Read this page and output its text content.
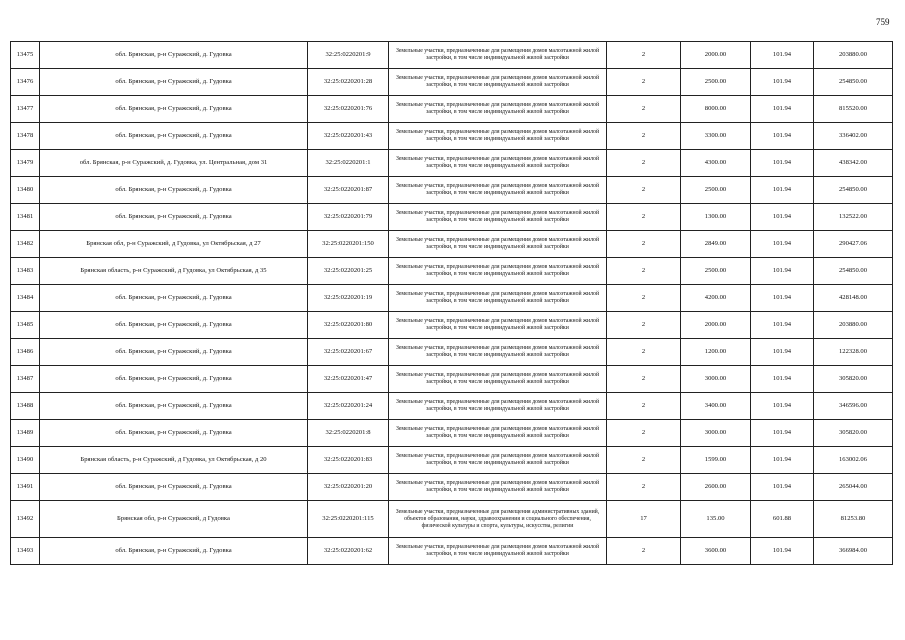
759
13475	обл. Брянская, р-н Суражский, д. Гудовка	32:25:0220201:9	Земельные участки, предназначенные для размещения домов малоэтажной жилой застройки, в том числе индивидуальной жилой застройки	2	2000.00	101.94	203880.00
13476	обл. Брянская, р-н Суражский, д. Гудовка	32:25:0220201:28	Земельные участки, предназначенные для размещения домов малоэтажной жилой застройки, в том числе индивидуальной жилой застройки	2	2500.00	101.94	254850.00
13477	обл. Брянская, р-н Суражский, д. Гудовка	32:25:0220201:76	Земельные участки, предназначенные для размещения домов малоэтажной жилой застройки, в том числе индивидуальной жилой застройки	2	8000.00	101.94	815520.00
13478	обл. Брянская, р-н Суражский, д. Гудовка	32:25:0220201:43	Земельные участки, предназначенные для размещения домов малоэтажной жилой застройки, в том числе индивидуальной жилой застройки	2	3300.00	101.94	336402.00
13479	обл. Брянская, р-н Суражский, д. Гудовка, ул. Центральная, дом 31	32:25:0220201:1	Земельные участки, предназначенные для размещения домов малоэтажной жилой застройки, в том числе индивидуальной жилой застройки	2	4300.00	101.94	438342.00
13480	обл. Брянская, р-н Суражский, д. Гудовка	32:25:0220201:87	Земельные участки, предназначенные для размещения домов малоэтажной жилой застройки, в том числе индивидуальной жилой застройки	2	2500.00	101.94	254850.00
13481	обл. Брянская, р-н Суражский, д. Гудовка	32:25:0220201:79	Земельные участки, предназначенные для размещения домов малоэтажной жилой застройки, в том числе индивидуальной жилой застройки	2	1300.00	101.94	132522.00
13482	Брянская обл, р-н Суражский, д Гудовка, ул Октябрьская, д 27	32:25:0220201:150	Земельные участки, предназначенные для размещения домов малоэтажной жилой застройки, в том числе индивидуальной жилой застройки	2	2849.00	101.94	290427.06
13483	Брянская область, р-н Суражский, д Гудовка, ул Октябрьская, д 35	32:25:0220201:25	Земельные участки, предназначенные для размещения домов малоэтажной жилой застройки, в том числе индивидуальной жилой застройки	2	2500.00	101.94	254850.00
13484	обл. Брянская, р-н Суражский, д. Гудовка	32:25:0220201:19	Земельные участки, предназначенные для размещения домов малоэтажной жилой застройки, в том числе индивидуальной жилой застройки	2	4200.00	101.94	428148.00
13485	обл. Брянская, р-н Суражский, д. Гудовка	32:25:0220201:80	Земельные участки, предназначенные для размещения домов малоэтажной жилой застройки, в том числе индивидуальной жилой застройки	2	2000.00	101.94	203880.00
13486	обл. Брянская, р-н Суражский, д. Гудовка	32:25:0220201:67	Земельные участки, предназначенные для размещения домов малоэтажной жилой застройки, в том числе индивидуальной жилой застройки	2	1200.00	101.94	122328.00
13487	обл. Брянская, р-н Суражский, д. Гудовка	32:25:0220201:47	Земельные участки, предназначенные для размещения домов малоэтажной жилой застройки, в том числе индивидуальной жилой застройки	2	3000.00	101.94	305820.00
13488	обл. Брянская, р-н Суражский, д. Гудовка	32:25:0220201:24	Земельные участки, предназначенные для размещения домов малоэтажной жилой застройки, в том числе индивидуальной жилой застройки	2	3400.00	101.94	346596.00
13489	обл. Брянская, р-н Суражский, д. Гудовка	32:25:0220201:8	Земельные участки, предназначенные для размещения домов малоэтажной жилой застройки, в том числе индивидуальной жилой застройки	2	3000.00	101.94	305820.00
13490	Брянская область, р-н Суражский, д Гудовка, ул Октябрьская, д 20	32:25:0220201:83	Земельные участки, предназначенные для размещения домов малоэтажной жилой застройки, в том числе индивидуальной жилой застройки	2	1599.00	101.94	163002.06
13491	обл. Брянская, р-н Суражский, д. Гудовка	32:25:0220201:20	Земельные участки, предназначенные для размещения домов малоэтажной жилой застройки, в том числе индивидуальной жилой застройки	2	2600.00	101.94	265044.00
13492	Брянская обл, р-н Суражский, д Гудовка	32:25:0220201:115	Земельные участки, предназначенные для размещения административных зданий, объектов образования, науки, здравоохранения и социального обеспечения, физической культуры и спорта, культуры, искусства, религии	17	135.00	601.88	81253.80
13493	обл. Брянская, р-н Суражский, д. Гудовка	32:25:0220201:62	Земельные участки, предназначенные для размещения домов малоэтажной жилой застройки, в том числе индивидуальной жилой застройки	2	3600.00	101.94	366984.00
